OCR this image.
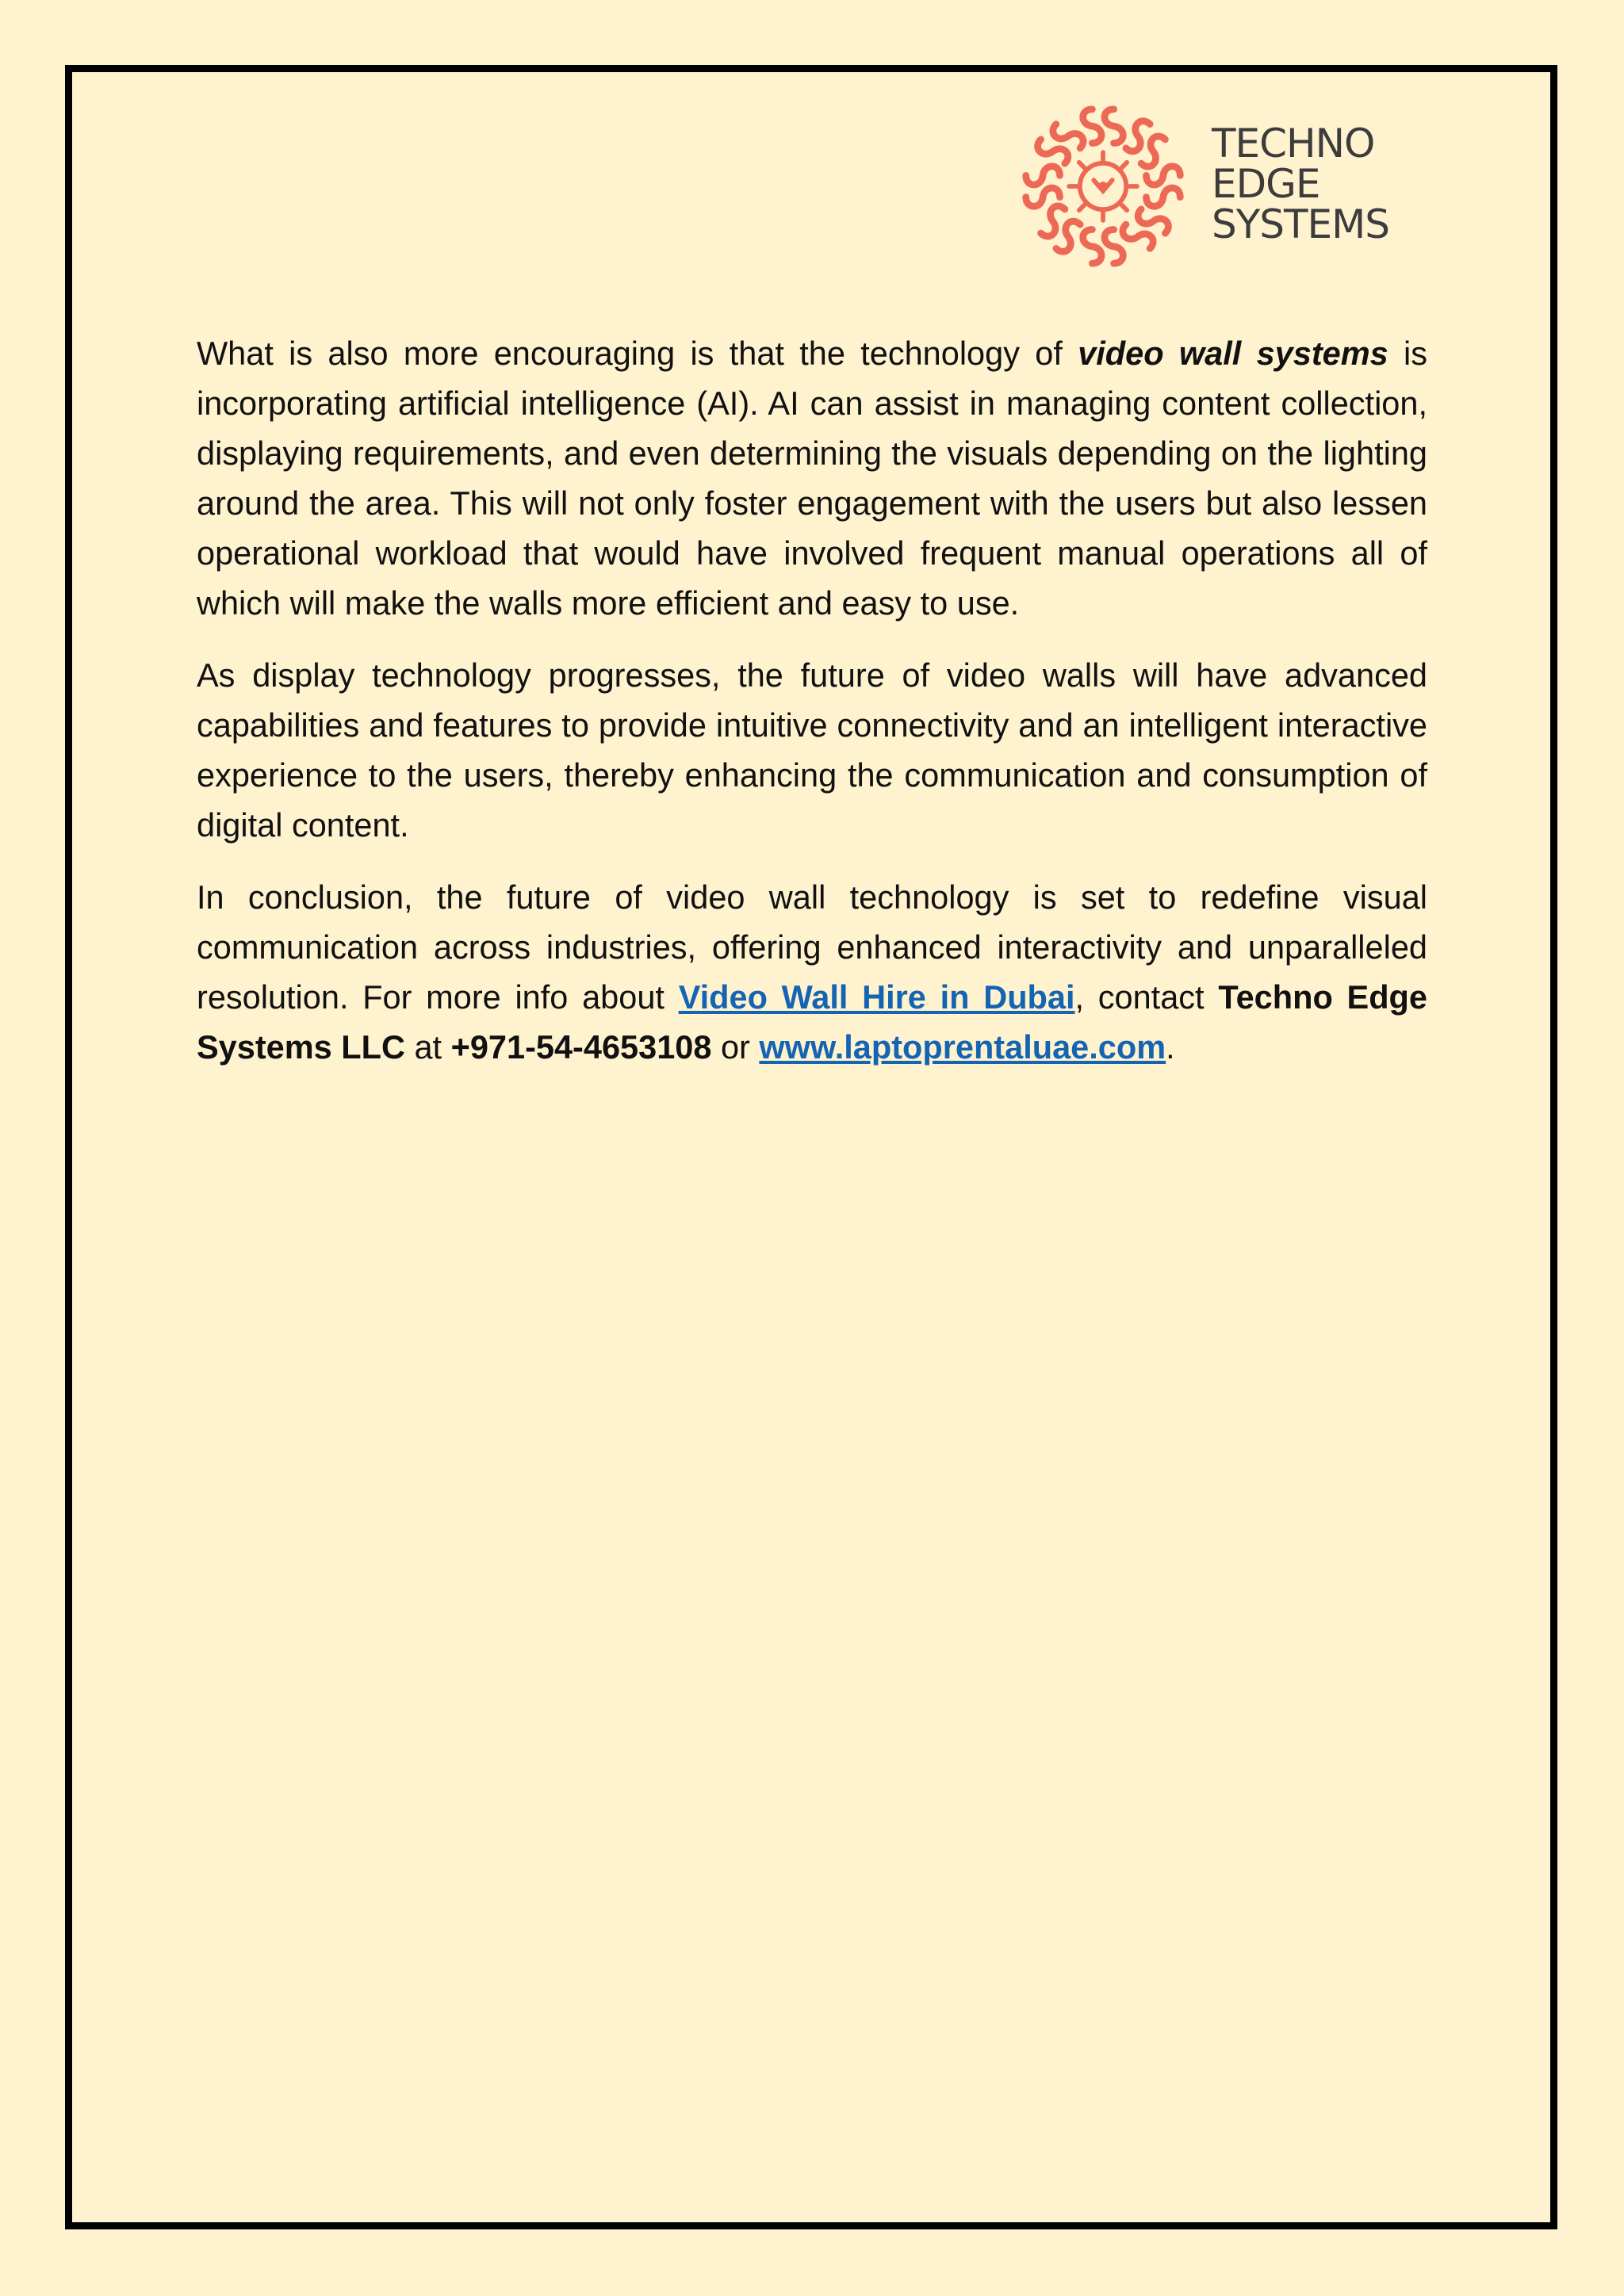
TECHNO
EDGE
SYSTEMS

What is also more encouraging is that the technology of video wall systems is incorporating artificial intelligence (AI). AI can assist in managing content collection, displaying requirements, and even determining the visuals depending on the lighting around the area. This will not only foster engagement with the users but also lessen operational workload that would have involved frequent manual operations all of which will make the walls more efficient and easy to use.

As display technology progresses, the future of video walls will have advanced capabilities and features to provide intuitive connectivity and an intelligent interactive experience to the users, thereby enhancing the communication and consumption of digital content.

In conclusion, the future of video wall technology is set to redefine visual communication across industries, offering enhanced interactivity and unparalleled resolution. For more info about Video Wall Hire in Dubai, contact Techno Edge Systems LLC at +971-54-4653108 or www.laptoprentaluae.com.
